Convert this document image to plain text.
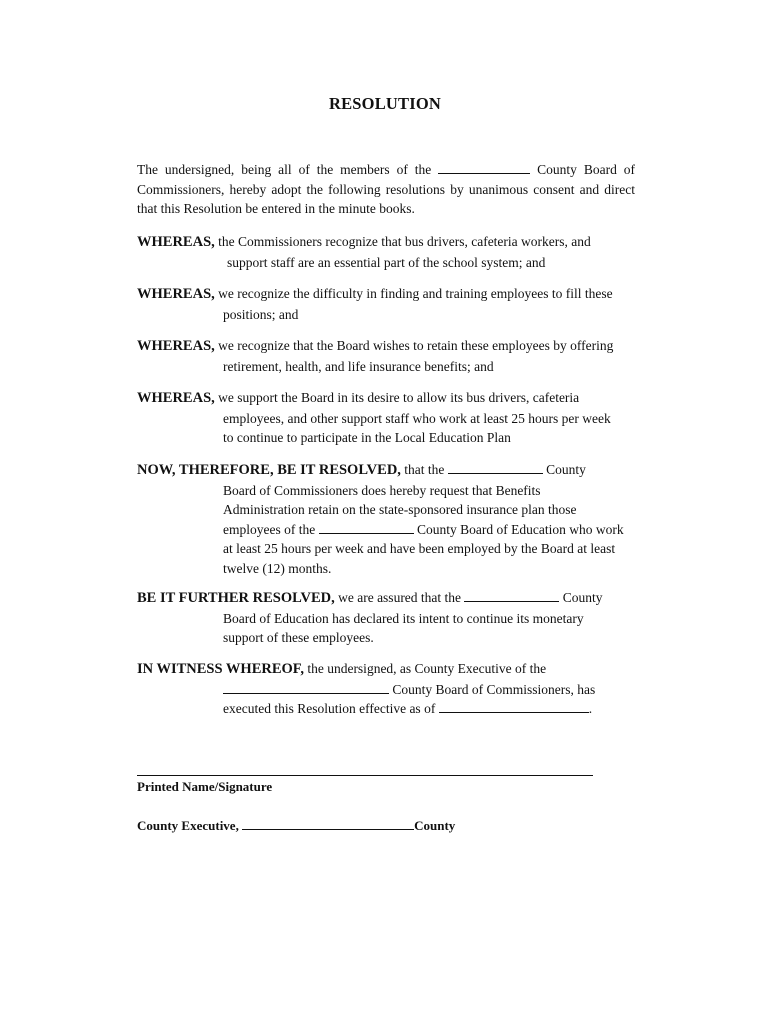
RESOLUTION
The undersigned, being all of the members of the	County Board of
Commissioners, hereby adopt the following resolutions by unanimous consent and direct
that this Resolution be entered in the minute books.
WHEREAS, the Commissioners recognize that bus drivers, cafeteria workers, and
support staff are an essential part of the school system; and
WHEREAS, we recognize the difficulty in finding and training employees to fill these
positions; and
WHEREAS, we recognize that the Board wishes to retain these employees by offering
retirement, health, and life insurance benefits; and
WHEREAS, we support the Board in its desire to allow its bus drivers, cafeteria
employees, and other support staff who work at least 25 hours per week
to continue to participate in the Local Education Plan
NOW, THEREFORE, BE IT RESOLVED, that the	County
Board of Commissioners does hereby request that Benefits
Administration retain on the state-sponsored insurance plan those
employees of the	County Board of Education who work
at least 25 hours per week and have been employed by the Board at least
twelve (12) months.
BE IT FURTHER RESOLVED, we are assured that the	County
Board of Education has declared its intent to continue its monetary
support of these employees.
IN WITNESS WHEREOF, the undersigned, as County Executive of the
County Board of Commissioners, has
executed this Resolution effective as of	.
Printed Name/Signature
County Executive,	County
